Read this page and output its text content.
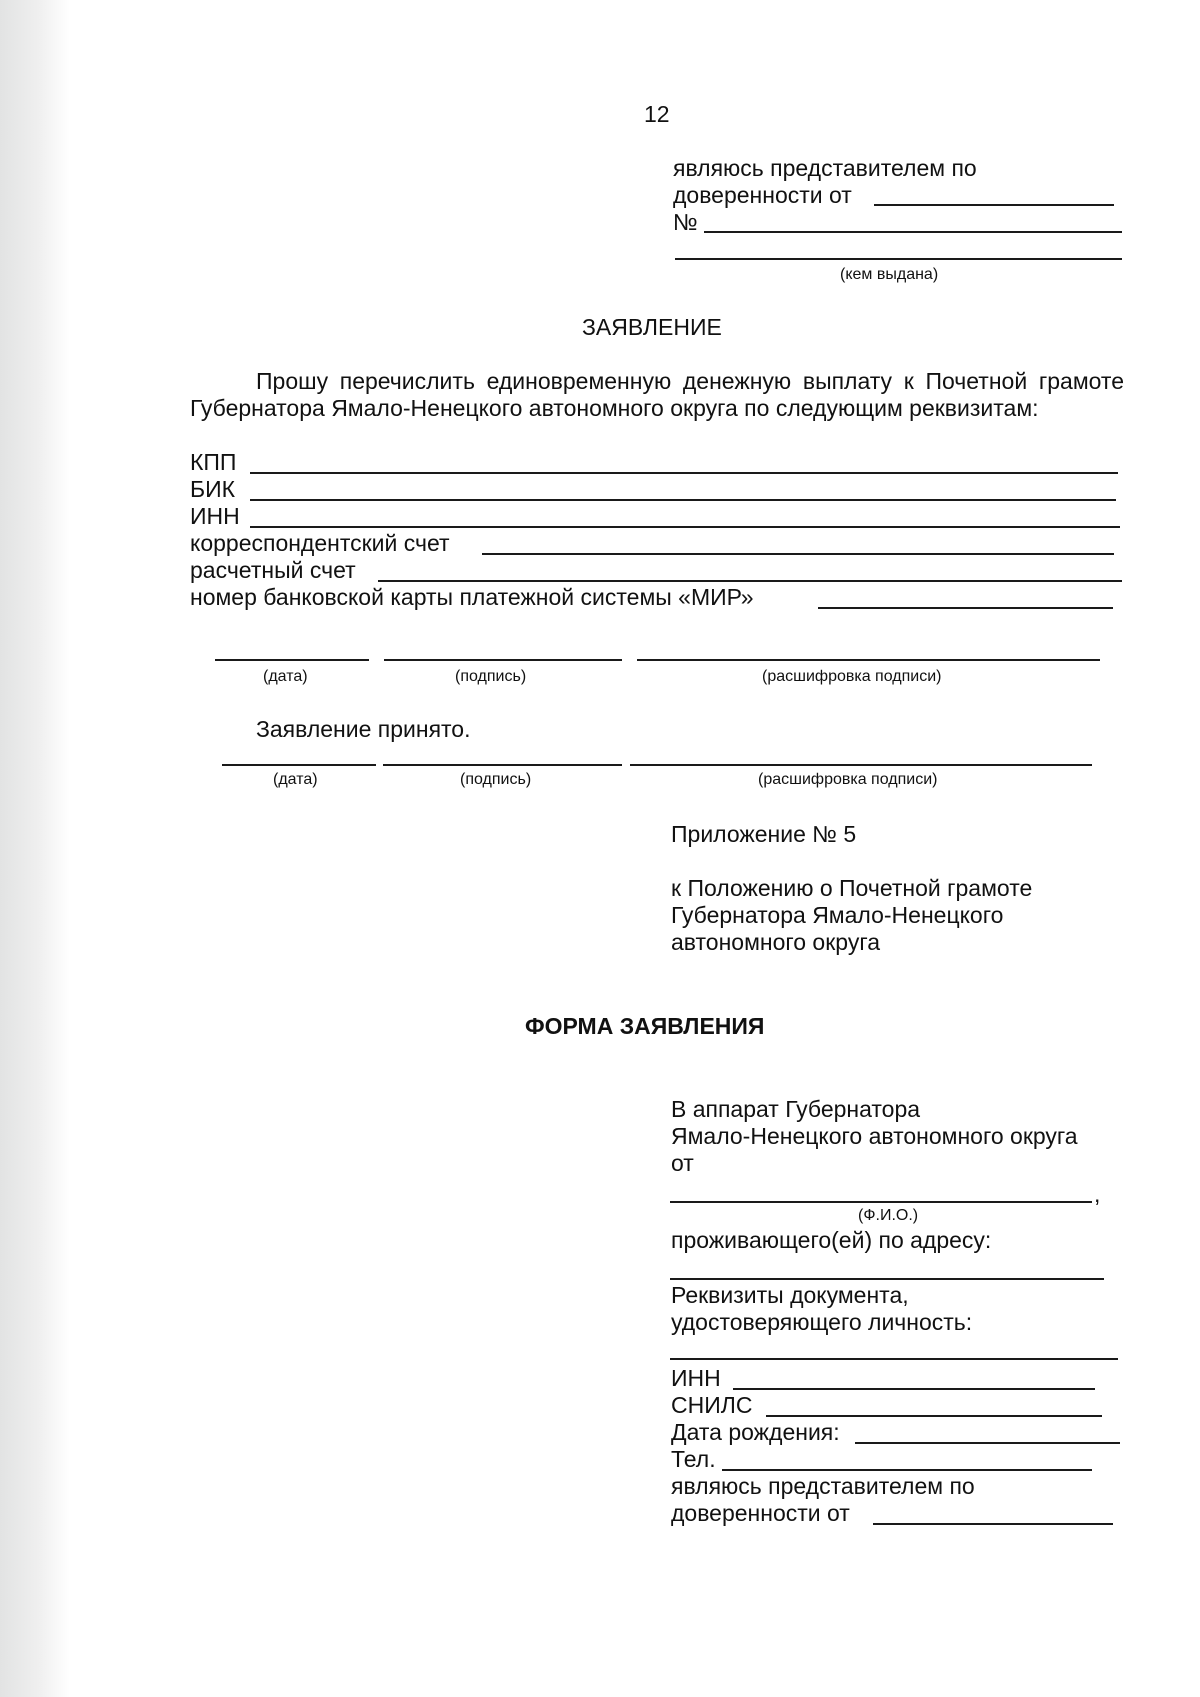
12
являюсь представителем по
доверенности от
№
(кем выдана)
ЗАЯВЛЕНИЕ
Прошу перечислить единовременную денежную выплату к Почетной грамоте Губернатора Ямало-Ненецкого автономного округа по следующим реквизитам:
КПП
БИК
ИНН
корреспондентский счет
расчетный счет
номер банковской карты платежной системы «МИР»
(дата)	(подпись)	(расшифровка подписи)
Заявление принято.
(дата)	(подпись)	(расшифровка подписи)
Приложение № 5
к Положению о Почетной грамоте
Губернатора Ямало-Ненецкого
автономного округа
ФОРМА ЗАЯВЛЕНИЯ
В аппарат Губернатора
Ямало-Ненецкого автономного округа
от
,
(Ф.И.О.)
проживающего(ей) по адресу:
Реквизиты документа,
удостоверяющего личность:
ИНН
СНИЛС
Дата рождения:
Тел.
являюсь представителем по
доверенности от
